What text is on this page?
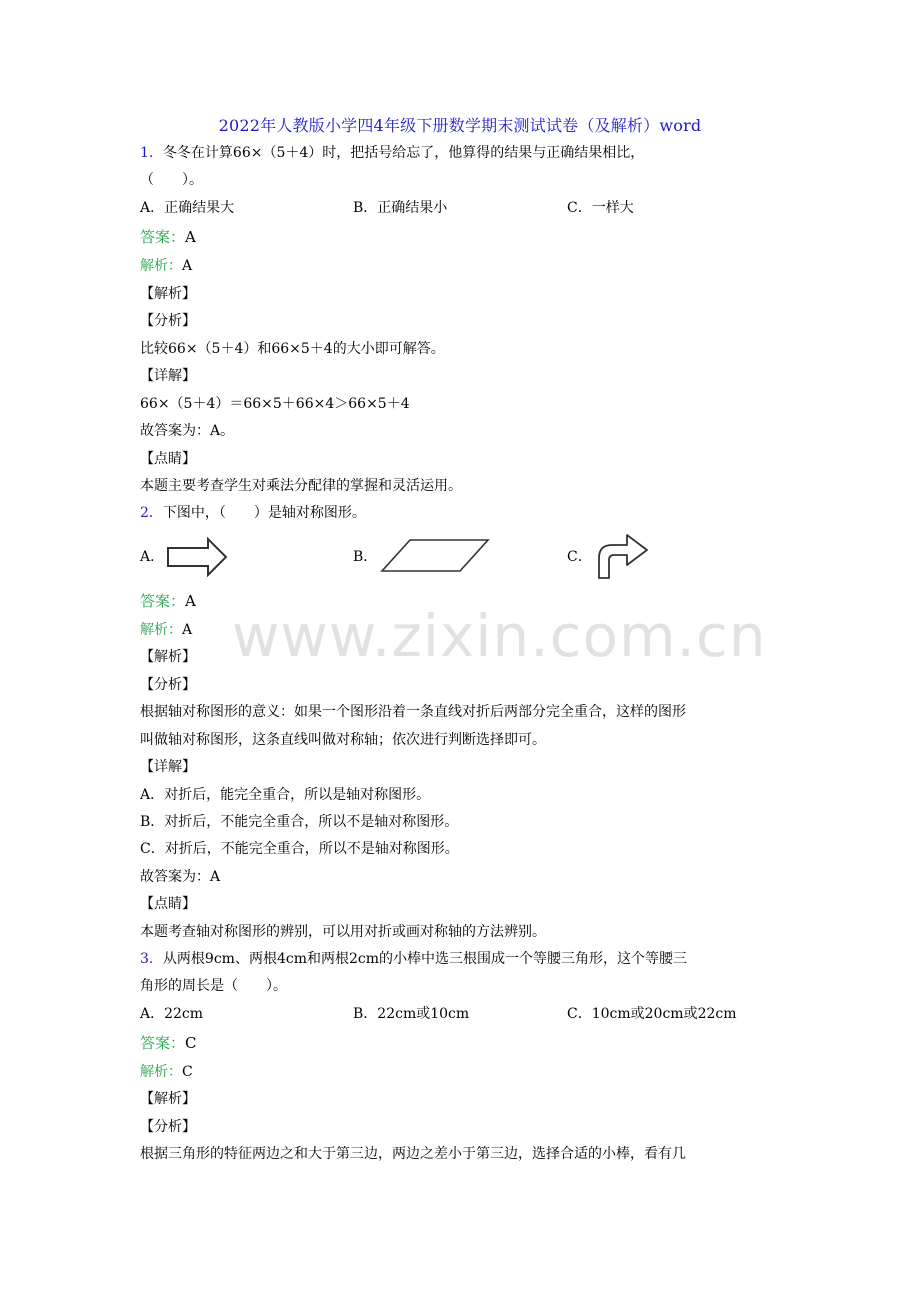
www.zixin.com.cn
2022年人教版小学四4年级下册数学期末测试试卷（及解析）word
1．冬冬在计算66×（5＋4）时，把括号给忘了，他算得的结果与正确结果相比，
（　　）。
A．正确结果大	B．正确结果小	C．一样大
答案：A
解析：A
【解析】
【分析】
比较66×（5＋4）和66×5＋4的大小即可解答。
【详解】
66×（5＋4）＝66×5＋66×4＞66×5＋4
故答案为：A。
【点睛】
本题主要考查学生对乘法分配律的掌握和灵活运用。
2．下图中，（　　）是轴对称图形。
A．	B．	C．
答案：A
解析：A
【解析】
【分析】
根据轴对称图形的意义：如果一个图形沿着一条直线对折后两部分完全重合，这样的图形
叫做轴对称图形，这条直线叫做对称轴；依次进行判断选择即可。
【详解】
A．对折后，能完全重合，所以是轴对称图形。
B．对折后，不能完全重合，所以不是轴对称图形。
C．对折后，不能完全重合，所以不是轴对称图形。
故答案为：A
【点睛】
本题考查轴对称图形的辨别，可以用对折或画对称轴的方法辨别。
3．从两根9cm、两根4cm和两根2cm的小棒中选三根围成一个等腰三角形，这个等腰三
角形的周长是（　　）。
A．22cm	B．22cm或10cm	C．10cm或20cm或22cm
答案：C
解析：C
【解析】
【分析】
根据三角形的特征两边之和大于第三边，两边之差小于第三边，选择合适的小棒，看有几
